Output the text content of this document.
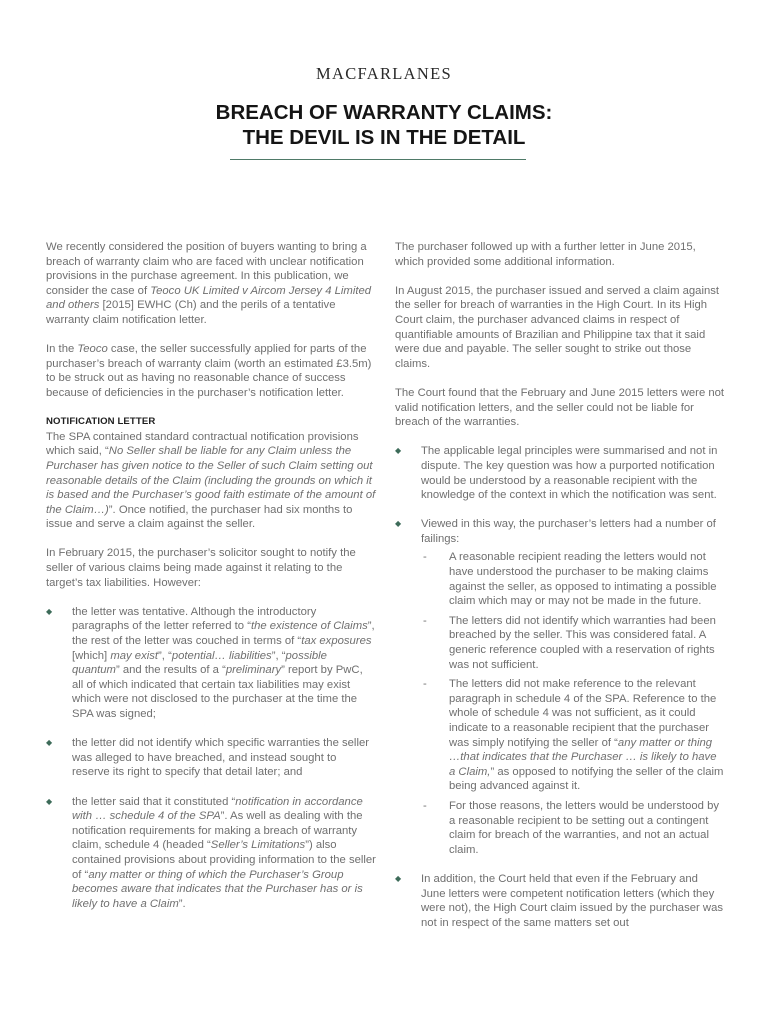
MACFARLANES
BREACH OF WARRANTY CLAIMS:
THE DEVIL IS IN THE DETAIL

We recently considered the position of buyers wanting to bring a breach of warranty claim who are faced with unclear notification provisions in the purchase agreement. In this publication, we consider the case of Teoco UK Limited v Aircom Jersey 4 Limited and others [2015] EWHC (Ch) and the perils of a tentative warranty claim notification letter.

In the Teoco case, the seller successfully applied for parts of the purchaser’s breach of warranty claim (worth an estimated £3.5m) to be struck out as having no reasonable chance of success because of deficiencies in the purchaser’s notification letter.

NOTIFICATION LETTER

The SPA contained standard contractual notification provisions which said, “No Seller shall be liable for any Claim unless the Purchaser has given notice to the Seller of such Claim setting out reasonable details of the Claim (including the grounds on which it is based and the Purchaser’s good faith estimate of the amount of the Claim…)”. Once notified, the purchaser had six months to issue and serve a claim against the seller.

In February 2015, the purchaser’s solicitor sought to notify the seller of various claims being made against it relating to the target’s tax liabilities. However:

◆ the letter was tentative. Although the introductory paragraphs of the letter referred to “the existence of Claims”, the rest of the letter was couched in terms of “tax exposures [which] may exist”, “potential… liabilities”, “possible quantum” and the results of a “preliminary” report by PwC, all of which indicated that certain tax liabilities may exist which were not disclosed to the purchaser at the time the SPA was signed;
◆ the letter did not identify which specific warranties the seller was alleged to have breached, and instead sought to reserve its right to specify that detail later; and
◆ the letter said that it constituted “notification in accordance with … schedule 4 of the SPA”. As well as dealing with the notification requirements for making a breach of warranty claim, schedule 4 (headed “Seller’s Limitations”) also contained provisions about providing information to the seller of “any matter or thing of which the Purchaser’s Group becomes aware that indicates that the Purchaser has or is likely to have a Claim”.

The purchaser followed up with a further letter in June 2015, which provided some additional information.

In August 2015, the purchaser issued and served a claim against the seller for breach of warranties in the High Court. In its High Court claim, the purchaser advanced claims in respect of quantifiable amounts of Brazilian and Philippine tax that it said were due and payable. The seller sought to strike out those claims.

The Court found that the February and June 2015 letters were not valid notification letters, and the seller could not be liable for breach of the warranties.

◆ The applicable legal principles were summarised and not in dispute. The key question was how a purported notification would be understood by a reasonable recipient with the knowledge of the context in which the notification was sent.
◆ Viewed in this way, the purchaser’s letters had a number of failings:
- A reasonable recipient reading the letters would not have understood the purchaser to be making claims against the seller, as opposed to intimating a possible claim which may or may not be made in the future.
- The letters did not identify which warranties had been breached by the seller. This was considered fatal. A generic reference coupled with a reservation of rights was not sufficient.
- The letters did not make reference to the relevant paragraph in schedule 4 of the SPA. Reference to the whole of schedule 4 was not sufficient, as it could indicate to a reasonable recipient that the purchaser was simply notifying the seller of “any matter or thing …that indicates that the Purchaser … is likely to have a Claim,” as opposed to notifying the seller of the claim being advanced against it.
- For those reasons, the letters would be understood by a reasonable recipient to be setting out a contingent claim for breach of the warranties, and not an actual claim.
◆ In addition, the Court held that even if the February and June letters were competent notification letters (which they were not), the High Court claim issued by the purchaser was not in respect of the same matters set out
